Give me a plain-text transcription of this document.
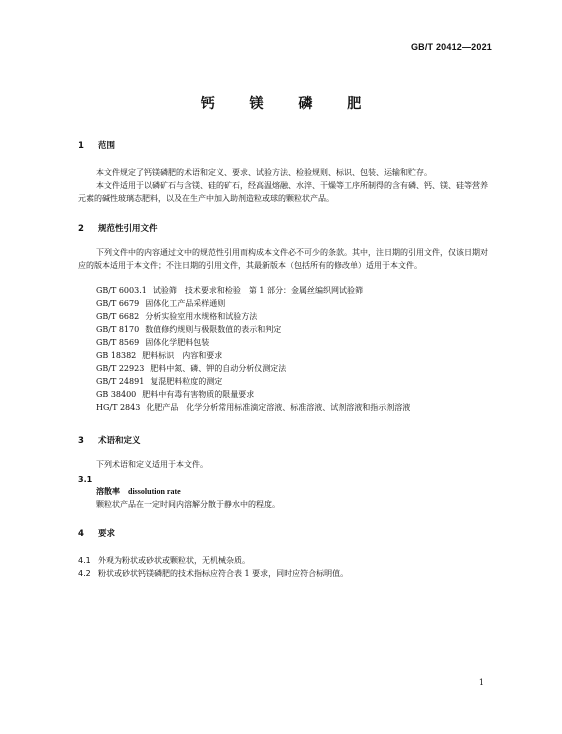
GB/T 20412—2021
钙 镁 磷 肥
1 范围
本文件规定了钙镁磷肥的术语和定义、要求、试验方法、检验规则、标识、包装、运输和贮存。
本文件适用于以磷矿石与含镁、硅的矿石，经高温熔融、水淬、干燥等工序所制得的含有磷、钙、镁、硅等营养元素的碱性玻璃态肥料，以及在生产中加入助剂造粒或球的颗粒状产品。
2 规范性引用文件
下列文件中的内容通过文中的规范性引用而构成本文件必不可少的条款。其中，注日期的引用文件，仅该日期对应的版本适用于本文件；不注日期的引用文件，其最新版本（包括所有的修改单）适用于本文件。
GB/T 6003.1 试验筛　技术要求和检验　第 1 部分：金属丝编织网试验筛
GB/T 6679 固体化工产品采样通则
GB/T 6682 分析实验室用水规格和试验方法
GB/T 8170 数值修约规则与极限数值的表示和判定
GB/T 8569 固体化学肥料包装
GB 18382 肥料标识　内容和要求
GB/T 22923 肥料中氮、磷、钾的自动分析仪测定法
GB/T 24891 复混肥料粒度的测定
GB 38400 肥料中有毒有害物质的限量要求
HG/T 2843 化肥产品　化学分析常用标准滴定溶液、标准溶液、试剂溶液和指示剂溶液
3 术语和定义
下列术语和定义适用于本文件。
3.1
溶散率 dissolution rate
颗粒状产品在一定时间内溶解分散于静水中的程度。
4 要求
4.1 外观为粉状或砂状或颗粒状，无机械杂质。
4.2 粉状或砂状钙镁磷肥的技术指标应符合表 1 要求，同时应符合标明值。
1
